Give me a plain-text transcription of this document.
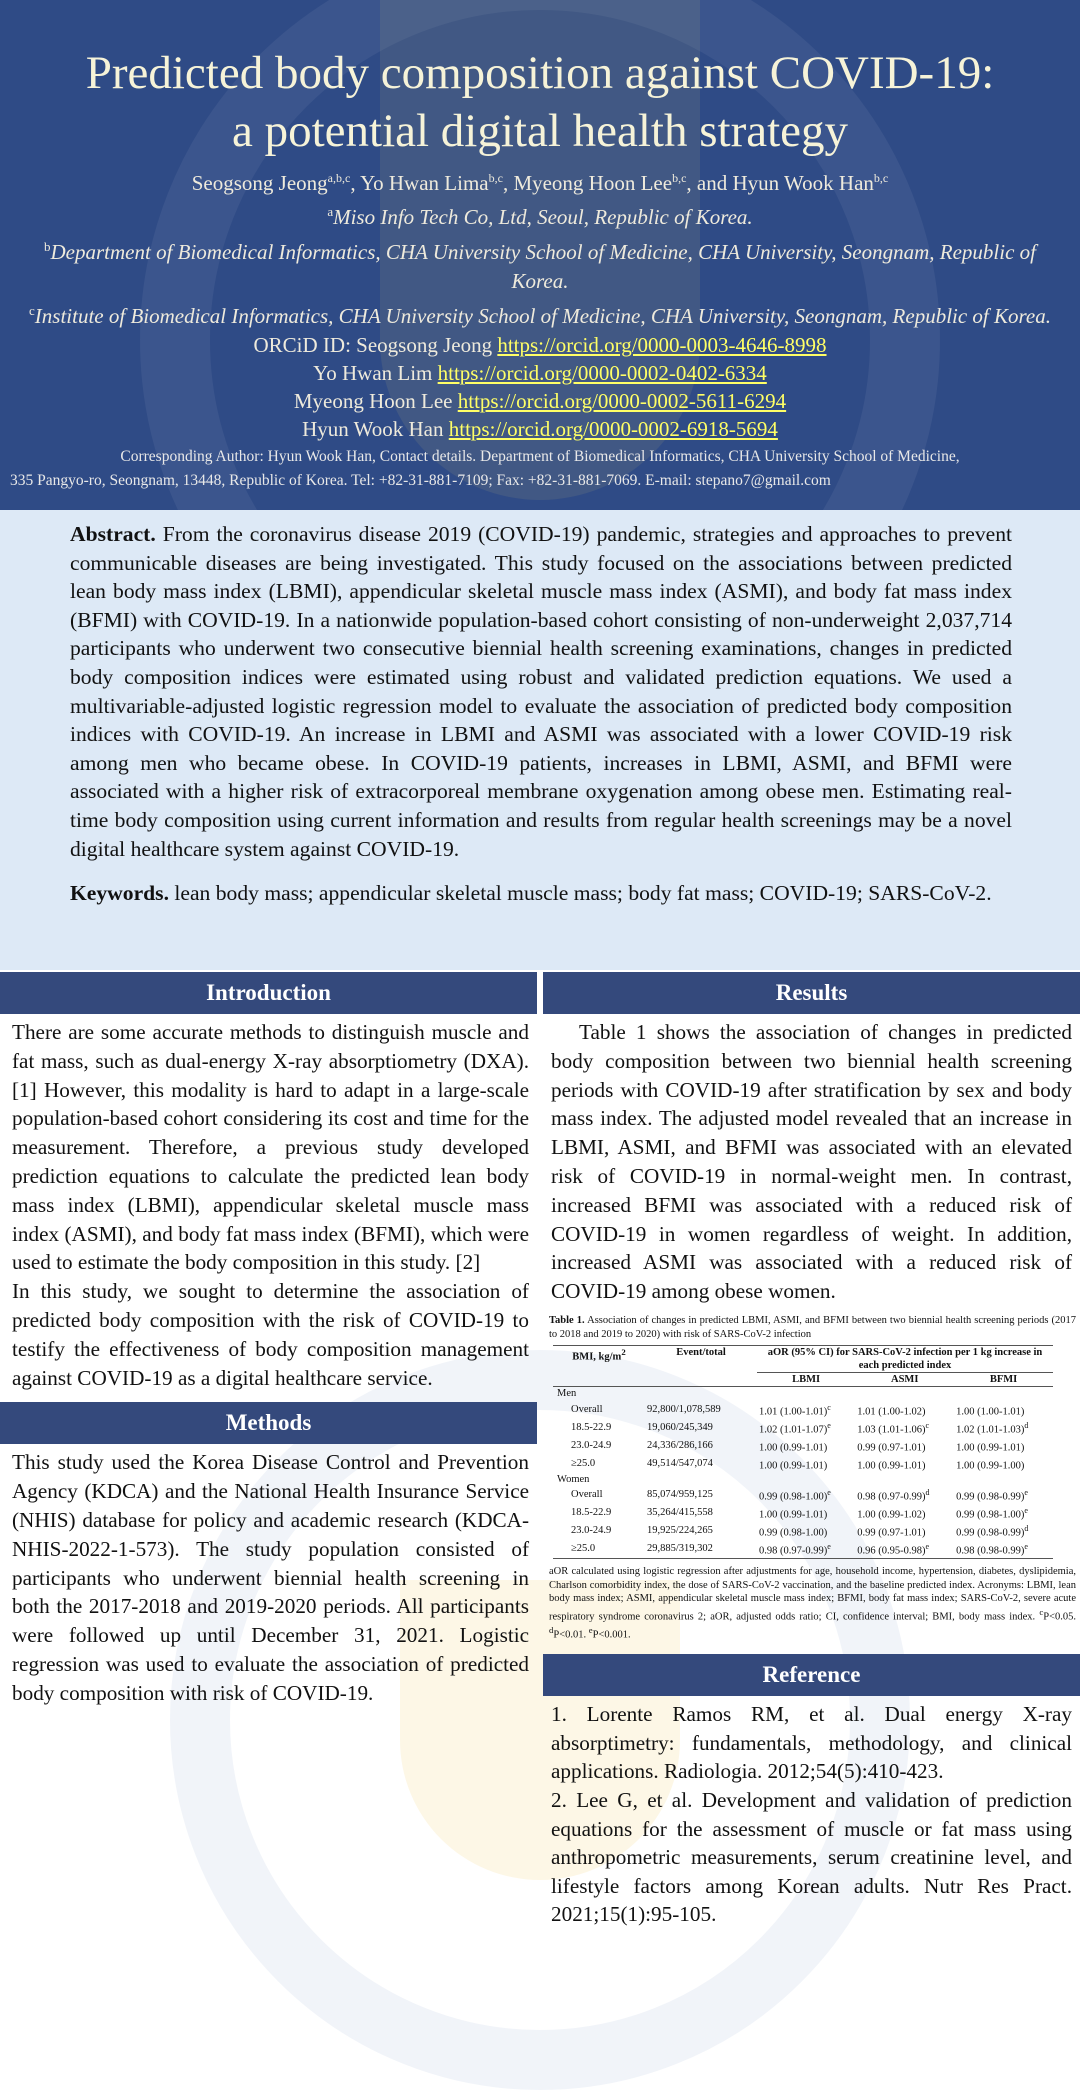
Predicted body composition against COVID-19:
a potential digital health strategy
Seogsong Jeong$^{a,b,c}$, Yo Hwan Lima$^{b,c}$, Myeong Hoon Lee$^{b,c}$, and Hyun Wook Han$^{b,c}$
$^a$Miso Info Tech Co, Ltd, Seoul, Republic of Korea.
$^b$Department of Biomedical Informatics, CHA University School of Medicine, CHA University, Seongnam, Republic of Korea.
$^c$Institute of Biomedical Informatics, CHA University School of Medicine, CHA University, Seongnam, Republic of Korea.
ORCiD ID: Seogsong Jeong https://orcid.org/0000-0003-4646-8998
Yo Hwan Lim https://orcid.org/0000-0002-0402-6334
Myeong Hoon Lee https://orcid.org/0000-0002-5611-6294
Hyun Wook Han https://orcid.org/0000-0002-6918-5694
Corresponding Author: Hyun Wook Han, Contact details. Department of Biomedical Informatics, CHA University School of Medicine,
335 Pangyo-ro, Seongnam, 13448, Republic of Korea. Tel: +82-31-881-7109; Fax: +82-31-881-7069. E-mail: stepano7@gmail.com

Abstract. From the coronavirus disease 2019 (COVID-19) pandemic, strategies and approaches to prevent communicable diseases are being investigated. This study focused on the associations between predicted lean body mass index (LBMI), appendicular skeletal muscle mass index (ASMI), and body fat mass index (BFMI) with COVID-19. In a nationwide population-based cohort consisting of non-underweight 2,037,714 participants who underwent two consecutive biennial health screening examinations, changes in predicted body composition indices were estimated using robust and validated prediction equations. We used a multivariable-adjusted logistic regression model to evaluate the association of predicted body composition indices with COVID-19. An increase in LBMI and ASMI was associated with a lower COVID-19 risk among men who became obese. In COVID-19 patients, increases in LBMI, ASMI, and BFMI were associated with a higher risk of extracorporeal membrane oxygenation among obese men. Estimating real-time body composition using current information and results from regular health screenings may be a novel digital healthcare system against COVID-19.

Keywords. lean body mass; appendicular skeletal muscle mass; body fat mass; COVID-19; SARS-CoV-2.

Introduction

There are some accurate methods to distinguish muscle and fat mass, such as dual-energy X-ray absorptiometry (DXA). [1] However, this modality is hard to adapt in a large-scale population-based cohort considering its cost and time for the measurement. Therefore, a previous study developed prediction equations to calculate the predicted lean body mass index (LBMI), appendicular skeletal muscle mass index (ASMI), and body fat mass index (BFMI), which were used to estimate the body composition in this study. [2]

In this study, we sought to determine the association of predicted body composition with the risk of COVID-19 to testify the effectiveness of body composition management against COVID-19 as a digital healthcare service.

Methods

This study used the Korea Disease Control and Prevention Agency (KDCA) and the National Health Insurance Service (NHIS) database for policy and academic research (KDCA-NHIS-2022-1-573). The study population consisted of participants who underwent biennial health screening in both the 2017-2018 and 2019-2020 periods. All participants were followed up until December 31, 2021. Logistic regression was used to evaluate the association of predicted body composition with risk of COVID-19.

Results

Table 1 shows the association of changes in predicted body composition between two biennial health screening periods with COVID-19 after stratification by sex and body mass index. The adjusted model revealed that an increase in LBMI, ASMI, and BFMI was associated with an elevated risk of COVID-19 in normal-weight men. In contrast, increased BFMI was associated with a reduced risk of COVID-19 in women regardless of weight. In addition, increased ASMI was associated with a reduced risk of COVID-19 among obese women.

Table 1. Association of changes in predicted LBMI, ASMI, and BFMI between two biennial health screening periods (2017 to 2018 and 2019 to 2020) with risk of SARS-CoV-2 infection
BMI, $kg/m^2$	Event/total	aOR (95% CI) for SARS-CoV-2 infection per 1 kg increase in each predicted index		
		LBMI	ASMI	BFMI
Men				
Overall	92,800/1,078,589	1.01 $(1.00-1.01)^c$	1.01 (1.00-1.02)	1.00 (1.00-1.01)
18.5-22.9	19,060/245,349	1.02 $(1.01-1.07)^e$	1.03 $(1.01-1.06)^c$	1.02 $(1.01-1.03)^d$
23.0-24.9	24,336/286,166	1.00 (0.99-1.01)	0.99 (0.97-1.01)	1.00 (0.99-1.01)
≥25.0	49,514/547,074	1.00 (0.99-1.01)	1.00 (0.99-1.01)	1.00 (0.99-1.00)
Women				
Overall	85,074/959,125	0.99 $(0.98-1.00)^e$	0.98 $(0.97-0.99)^d$	0.99 $(0.98-0.99)^e$
18.5-22.9	35,264/415,558	1.00 (0.99-1.01)	1.00 (0.99-1.02)	0.99 $(0.98-1.00)^e$
23.0-24.9	19,925/224,265	0.99 (0.98-1.00)	0.99 (0.97-1.01)	0.99 $(0.98-0.99)^d$
≥25.0	29,885/319,302	0.98 $(0.97-0.99)^e$	0.96 $(0.95-0.98)^e$	0.98 $(0.98-0.99)^e$
aOR calculated using logistic regression after adjustments for age, household income, hypertension, diabetes, dyslipidemia, Charlson comorbidity index, the dose of SARS-CoV-2 vaccination, and the baseline predicted index. Acronyms: LBMI, lean body mass index; ASMI, appendicular skeletal muscle mass index; BFMI, body fat mass index; SARS-CoV-2, severe acute respiratory syndrome coronavirus 2; aOR, adjusted odds ratio; CI, confidence interval; BMI, body mass index. $^c$P<0.05. $^d$P<0.01. $^e$P<0.001.
Reference

1. Lorente Ramos RM, et al. Dual energy X-ray absorptimetry: fundamentals, methodology, and clinical applications. Radiologia. 2012;54(5):410-423.

2. Lee G, et al. Development and validation of prediction equations for the assessment of muscle or fat mass using anthropometric measurements, serum creatinine level, and lifestyle factors among Korean adults. Nutr Res Pract. 2021;15(1):95-105.
